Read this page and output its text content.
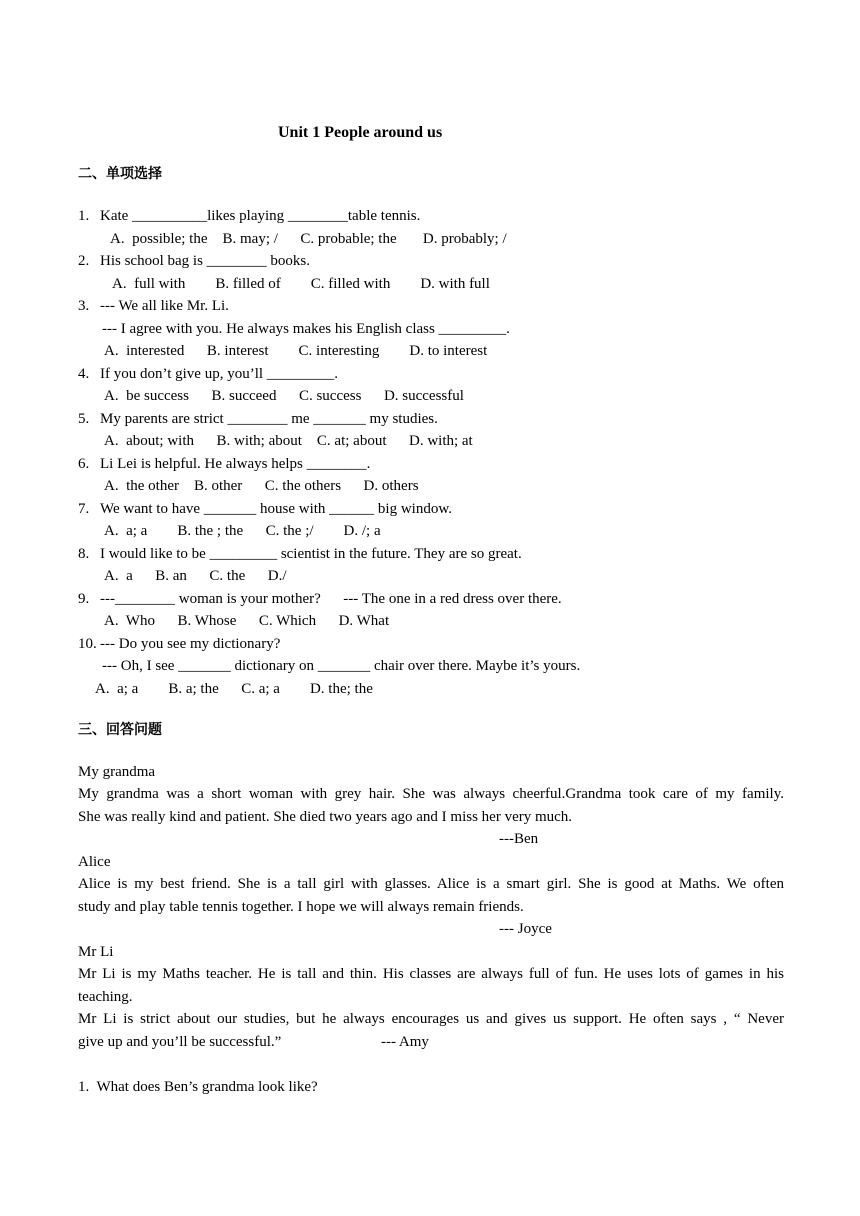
Unit 1 People around us
二、单项选择
1. Kate __________likes playing ________table tennis.
A.  possible; the    B. may; /      C. probable; the       D. probably; /
2. His school bag is ________ books.
A.  full with        B. filled of        C. filled with        D. with full
3. --- We all like Mr. Li.
--- I agree with you. He always makes his English class _________.
A.  interested      B. interest        C. interesting        D. to interest
4. If you don’t give up, you’ll _________.
A.  be success      B. succeed      C. success      D. successful
5. My parents are strict ________ me _______ my studies.
A.  about; with      B. with; about    C. at; about      D. with; at
6. Li Lei is helpful. He always helps ________.
A.  the other    B. other      C. the others      D. others
7. We want to have _______ house with ______ big window.
A.  a; a        B. the ; the      C. the ;/        D. /; a
8. I would like to be _________ scientist in the future. They are so great.
A.  a      B. an      C. the      D./
9. ---________ woman is your mother?      --- The one in a red dress over there.
A.  Who      B. Whose      C. Which      D. What
10. --- Do you see my dictionary?
--- Oh, I see _______ dictionary on _______ chair over there. Maybe it’s yours.
A.  a; a        B. a; the      C. a; a        D. the; the
三、回答问题
My grandma
My grandma was a short woman with grey hair. She was always cheerful.Grandma took care of my family.
She was really kind and patient. She died two years ago and I miss her very much.
---Ben
Alice
Alice is my best friend. She is a tall girl with glasses. Alice is a smart girl. She is good at Maths. We often
study and play table tennis together. I hope we will always remain friends.
--- Joyce
Mr Li
Mr Li is my Maths teacher. He is tall and thin. His classes are always full of fun. He uses lots of games in his
teaching.
Mr Li is strict about our studies, but he always encourages us and gives us support. He often says , “ Never
give up and you’ll be successful.”	--- Amy
1.  What does Ben’s grandma look like?
